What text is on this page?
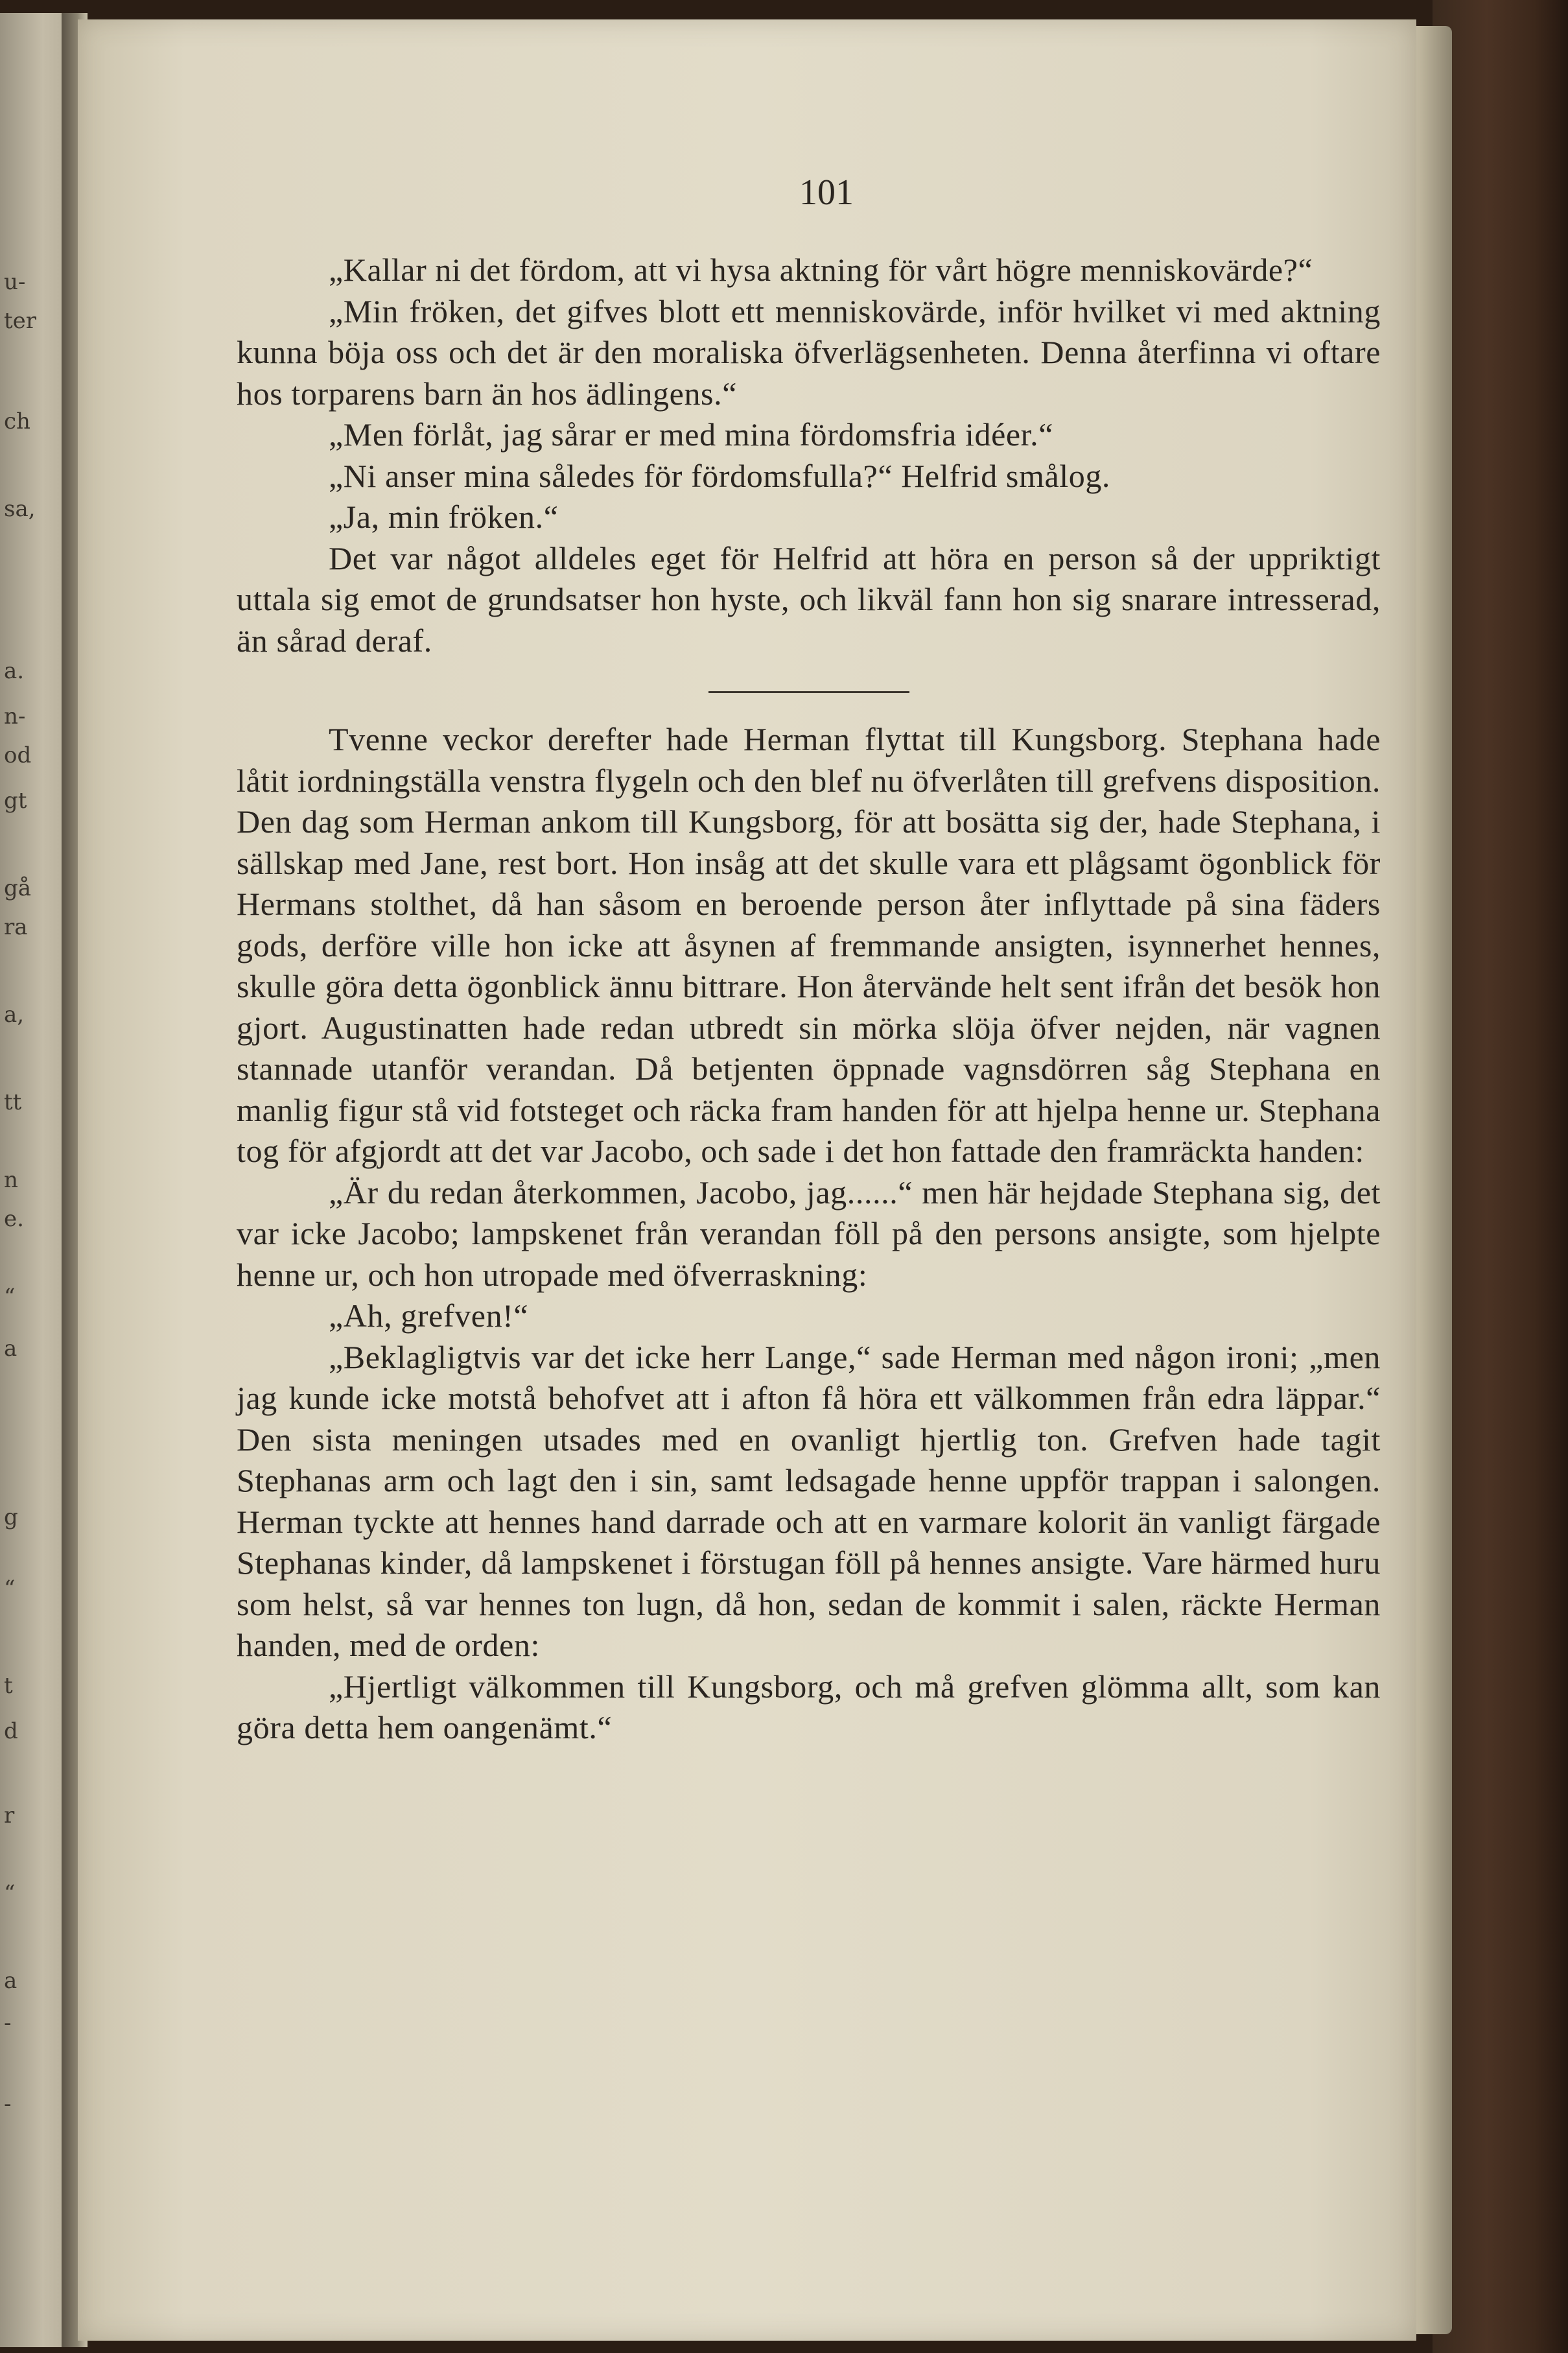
u-
ter
ch
sa,
a.
n-
od
gt
gå
ra
a,
tt
n
e.
“
a
g
“
t
d
r
“
a
-
-
101

„Kallar ni det fördom, att vi hysa aktning för vårt högre menniskovärde?“

„Min fröken, det gifves blott ett menniskovärde, inför hvilket vi med aktning kunna böja oss och det är den moraliska öfverlägsenheten. Denna återfinna vi oftare hos torparens barn än hos ädlingens.“

„Men förlåt, jag sårar er med mina fördomsfria idéer.“

„Ni anser mina således för fördomsfulla?“ Helfrid smålog.

„Ja, min fröken.“

Det var något alldeles eget för Helfrid att höra en person så der uppriktigt uttala sig emot de grundsatser hon hyste, och likväl fann hon sig snarare intresserad, än sårad deraf.

Tvenne veckor derefter hade Herman flyttat till Kungsborg. Stephana hade låtit iordningställa venstra flygeln och den blef nu öfverlåten till grefvens disposition. Den dag som Herman ankom till Kungsborg, för att bosätta sig der, hade Stephana, i sällskap med Jane, rest bort. Hon insåg att det skulle vara ett plågsamt ögonblick för Hermans stolthet, då han såsom en beroende person åter inflyttade på sina fäders gods, derföre ville hon icke att åsynen af fremmande ansigten, isynnerhet hennes, skulle göra detta ögonblick ännu bittrare. Hon återvände helt sent ifrån det besök hon gjort. Augustinatten hade redan utbredt sin mörka slöja öfver nejden, när vagnen stannade utanför verandan. Då betjenten öppnade vagnsdörren såg Stephana en manlig figur stå vid fotsteget och räcka fram handen för att hjelpa henne ur. Stephana tog för afgjordt att det var Jacobo, och sade i det hon fattade den framräckta handen:

„Är du redan återkommen, Jacobo, jag......“ men här hejdade Stephana sig, det var icke Jacobo; lampskenet från verandan föll på den persons ansigte, som hjelpte henne ur, och hon utropade med öfverraskning:

„Ah, grefven!“

„Beklagligtvis var det icke herr Lange,“ sade Herman med någon ironi; „men jag kunde icke motstå behofvet att i afton få höra ett välkommen från edra läppar.“ Den sista meningen utsades med en ovanligt hjertlig ton. Grefven hade tagit Stephanas arm och lagt den i sin, samt ledsagade henne uppför trappan i salongen. Herman tyckte att hennes hand darrade och att en varmare kolorit än vanligt färgade Stephanas kinder, då lampskenet i förstugan föll på hennes ansigte. Vare härmed huru som helst, så var hennes ton lugn, då hon, sedan de kommit i salen, räckte Herman handen, med de orden:

„Hjertligt välkommen till Kungsborg, och må grefven glömma allt, som kan göra detta hem oangenämt.“
